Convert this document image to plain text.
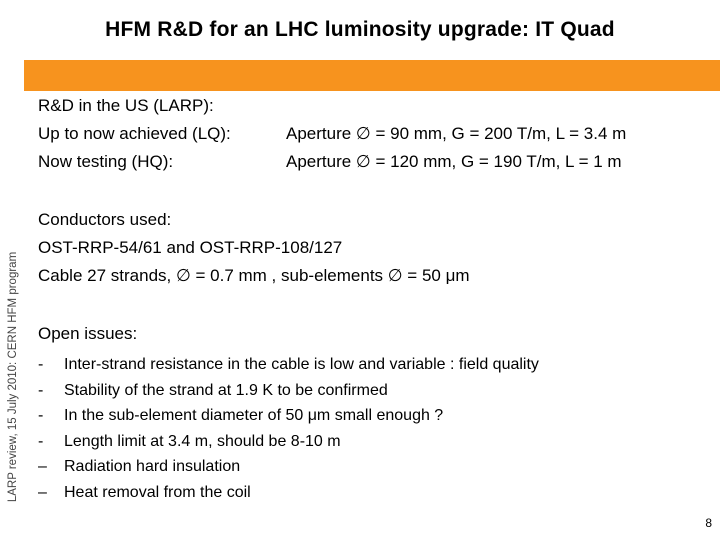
HFM R&D for an LHC luminosity upgrade: IT Quad
LARP review, 15 July 2010: CERN HFM program
R&D in the US (LARP):
Up to now achieved (LQ):	Aperture ∅ = 90 mm, G = 200 T/m, L = 3.4 m
Now testing (HQ):	Aperture ∅ = 120 mm, G = 190 T/m, L = 1 m
Conductors used:
OST-RRP-54/61 and OST-RRP-108/127
Cable 27 strands, ∅ = 0.7 mm , sub-elements ∅ = 50 μm
Open issues:
-	Inter-strand resistance in the cable is low and variable : field quality
-	Stability of the strand at 1.9 K to be confirmed
-	In the sub-element diameter of 50 μm small enough ?
-	Length limit at 3.4 m, should be 8-10 m
–	Radiation hard insulation
–	Heat removal from the coil
8
